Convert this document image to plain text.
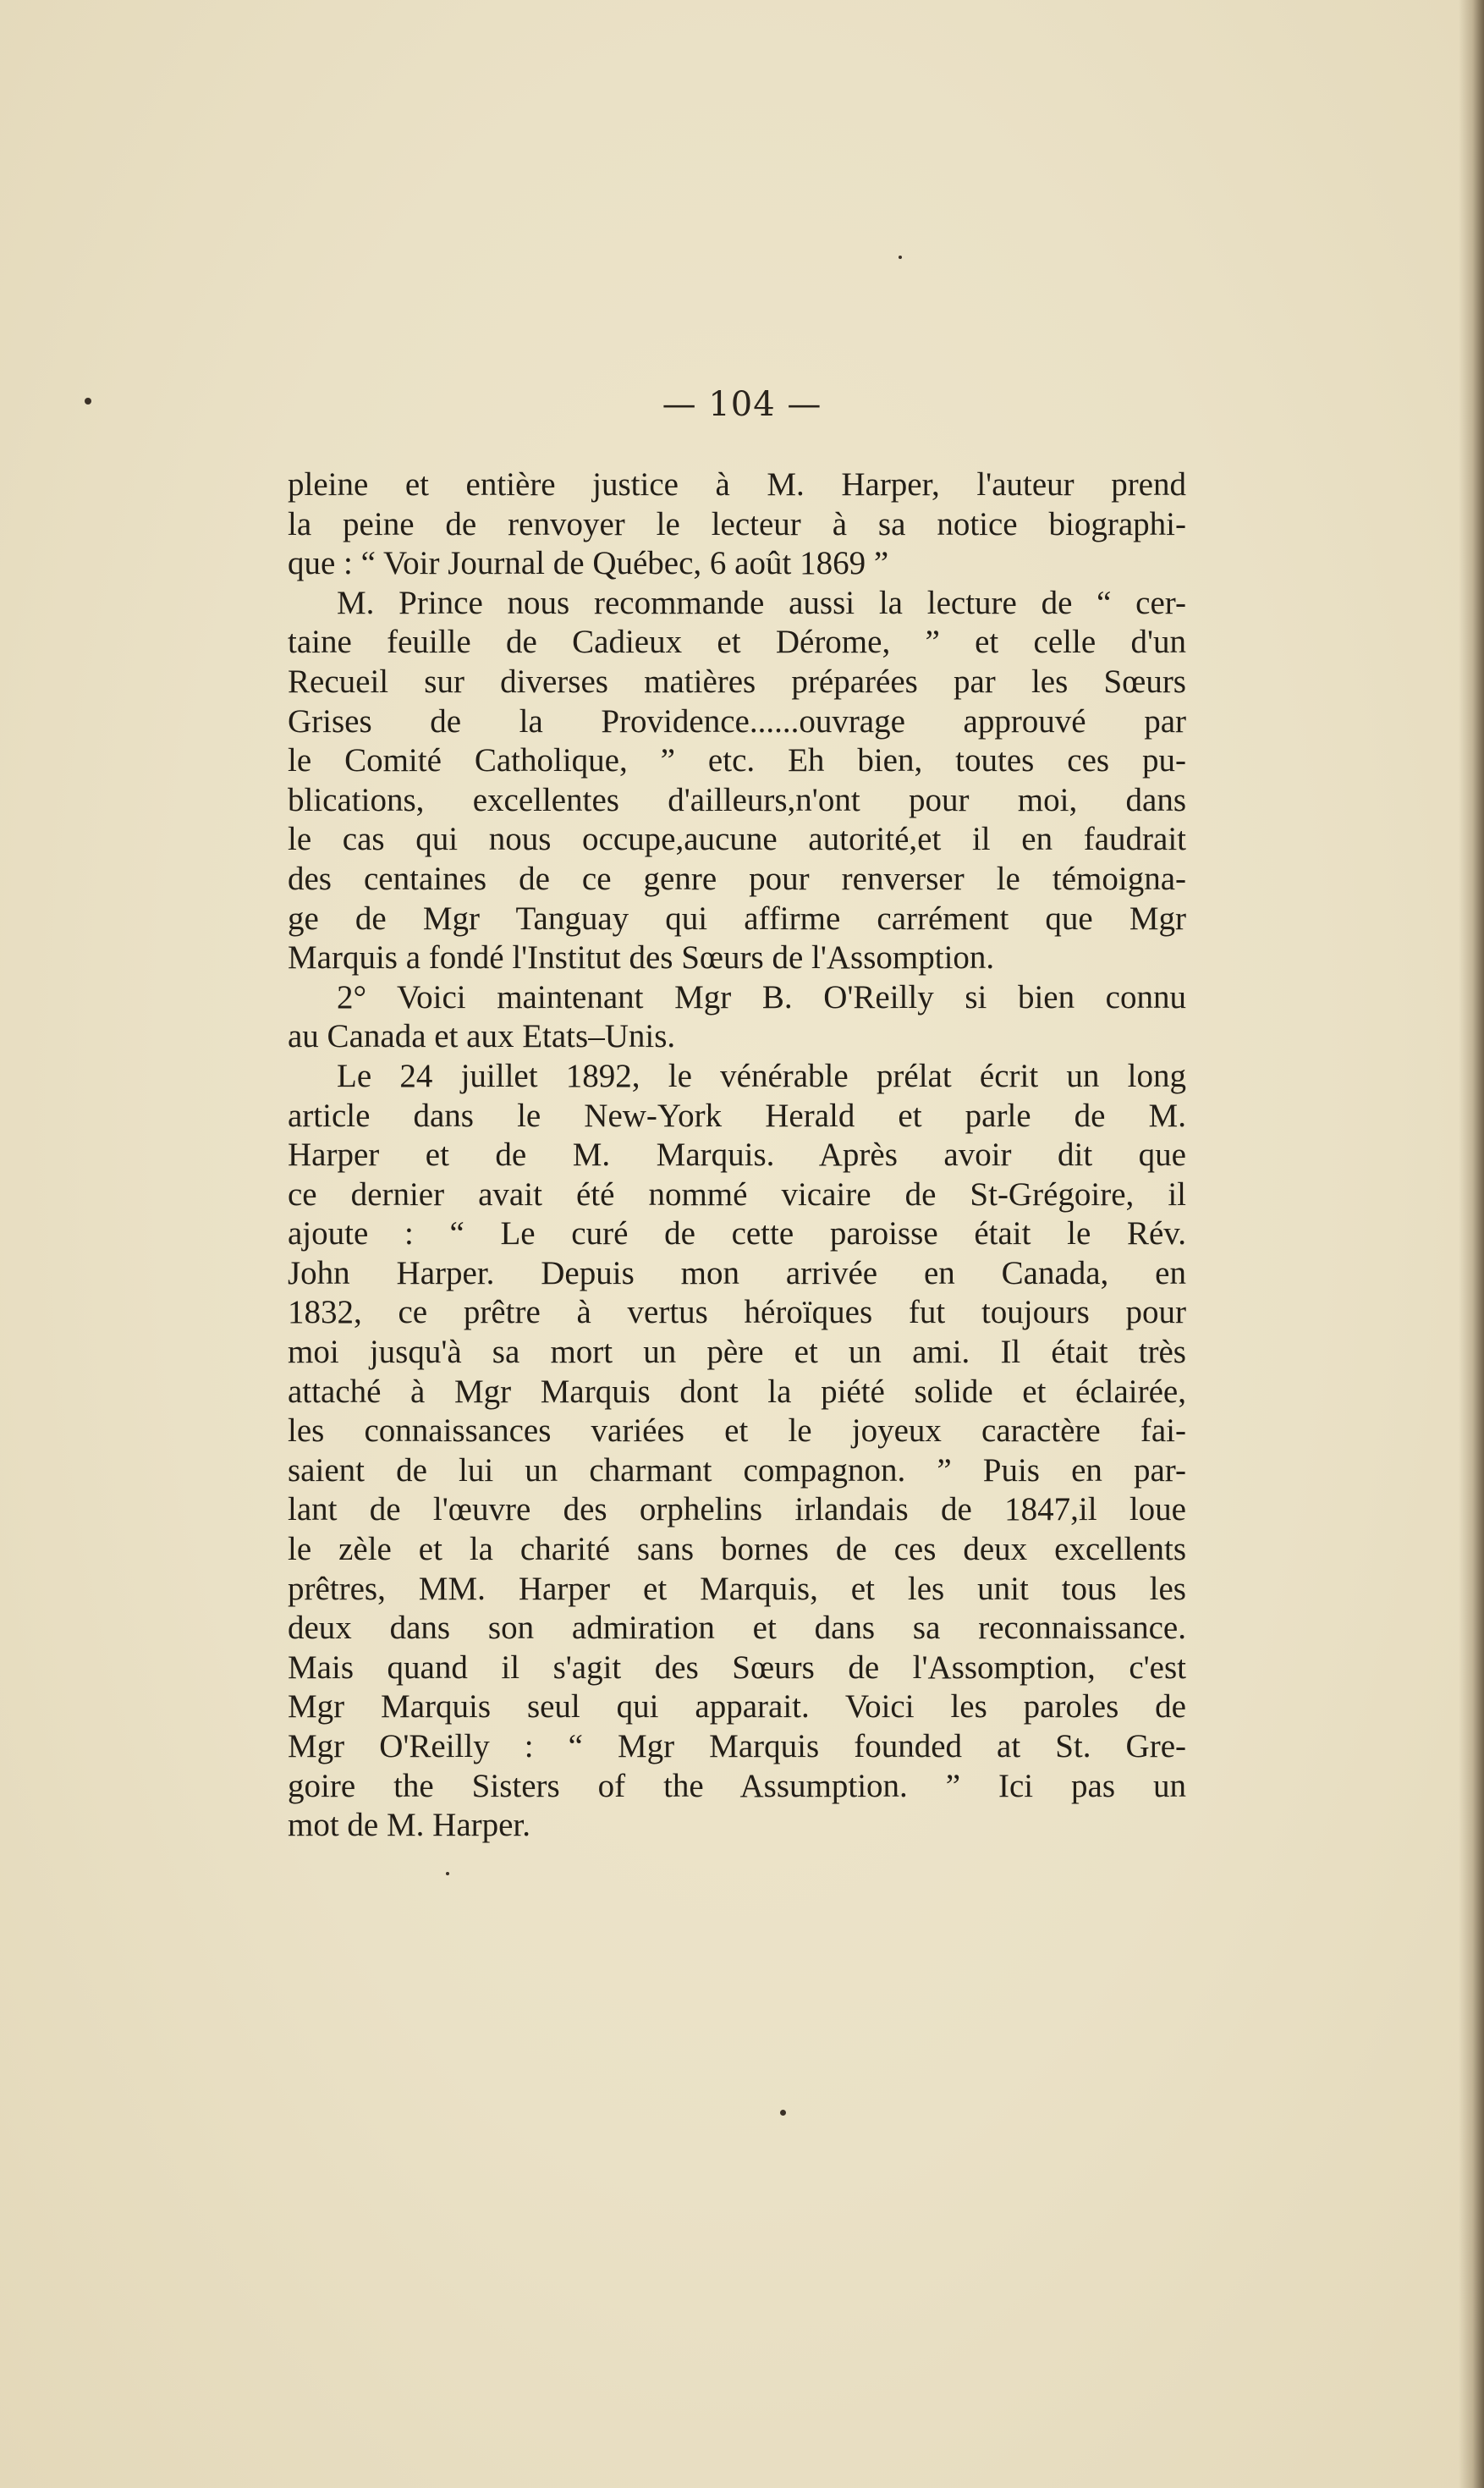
— 104 —
pleine et entière justice à M. Harper, l'auteur prend
la peine de renvoyer le lecteur à sa notice biographi-
que : “ Voir Journal de Québec, 6 août 1869 ”
M. Prince nous recommande aussi la lecture de “ cer-
taine feuille de Cadieux et Dérome, ” et celle d'un
Recueil sur diverses matières préparées par les Sœurs
Grises de la Providence......ouvrage approuvé par
le Comité Catholique, ” etc. Eh bien, toutes ces pu-
blications, excellentes d'ailleurs,n'ont pour moi, dans
le cas qui nous occupe,aucune autorité,et il en faudrait
des centaines de ce genre pour renverser le témoigna-
ge de Mgr Tanguay qui affirme carrément que Mgr
Marquis a fondé l'Institut des Sœurs de l'Assomption.
2° Voici maintenant Mgr B. O'Reilly si bien connu
au Canada et aux Etats–Unis.
Le 24 juillet 1892, le vénérable prélat écrit un long
article dans le New-York Herald et parle de M.
Harper et de M. Marquis. Après avoir dit que
ce dernier avait été nommé vicaire de St-Grégoire, il
ajoute : “ Le curé de cette paroisse était le Rév.
John Harper. Depuis mon arrivée en Canada, en
1832, ce prêtre à vertus héroïques fut toujours pour
moi jusqu'à sa mort un père et un ami. Il était très
attaché à Mgr Marquis dont la piété solide et éclairée,
les connaissances variées et le joyeux caractère fai-
saient de lui un charmant compagnon. ” Puis en par-
lant de l'œuvre des orphelins irlandais de 1847,il loue
le zèle et la charité sans bornes de ces deux excellents
prêtres, MM. Harper et Marquis, et les unit tous les
deux dans son admiration et dans sa reconnaissance.
Mais quand il s'agit des Sœurs de l'Assomption, c'est
Mgr Marquis seul qui apparait. Voici les paroles de
Mgr O'Reilly : “ Mgr Marquis founded at St. Gre-
goire the Sisters of the Assumption. ” Ici pas un
mot de M. Harper.
